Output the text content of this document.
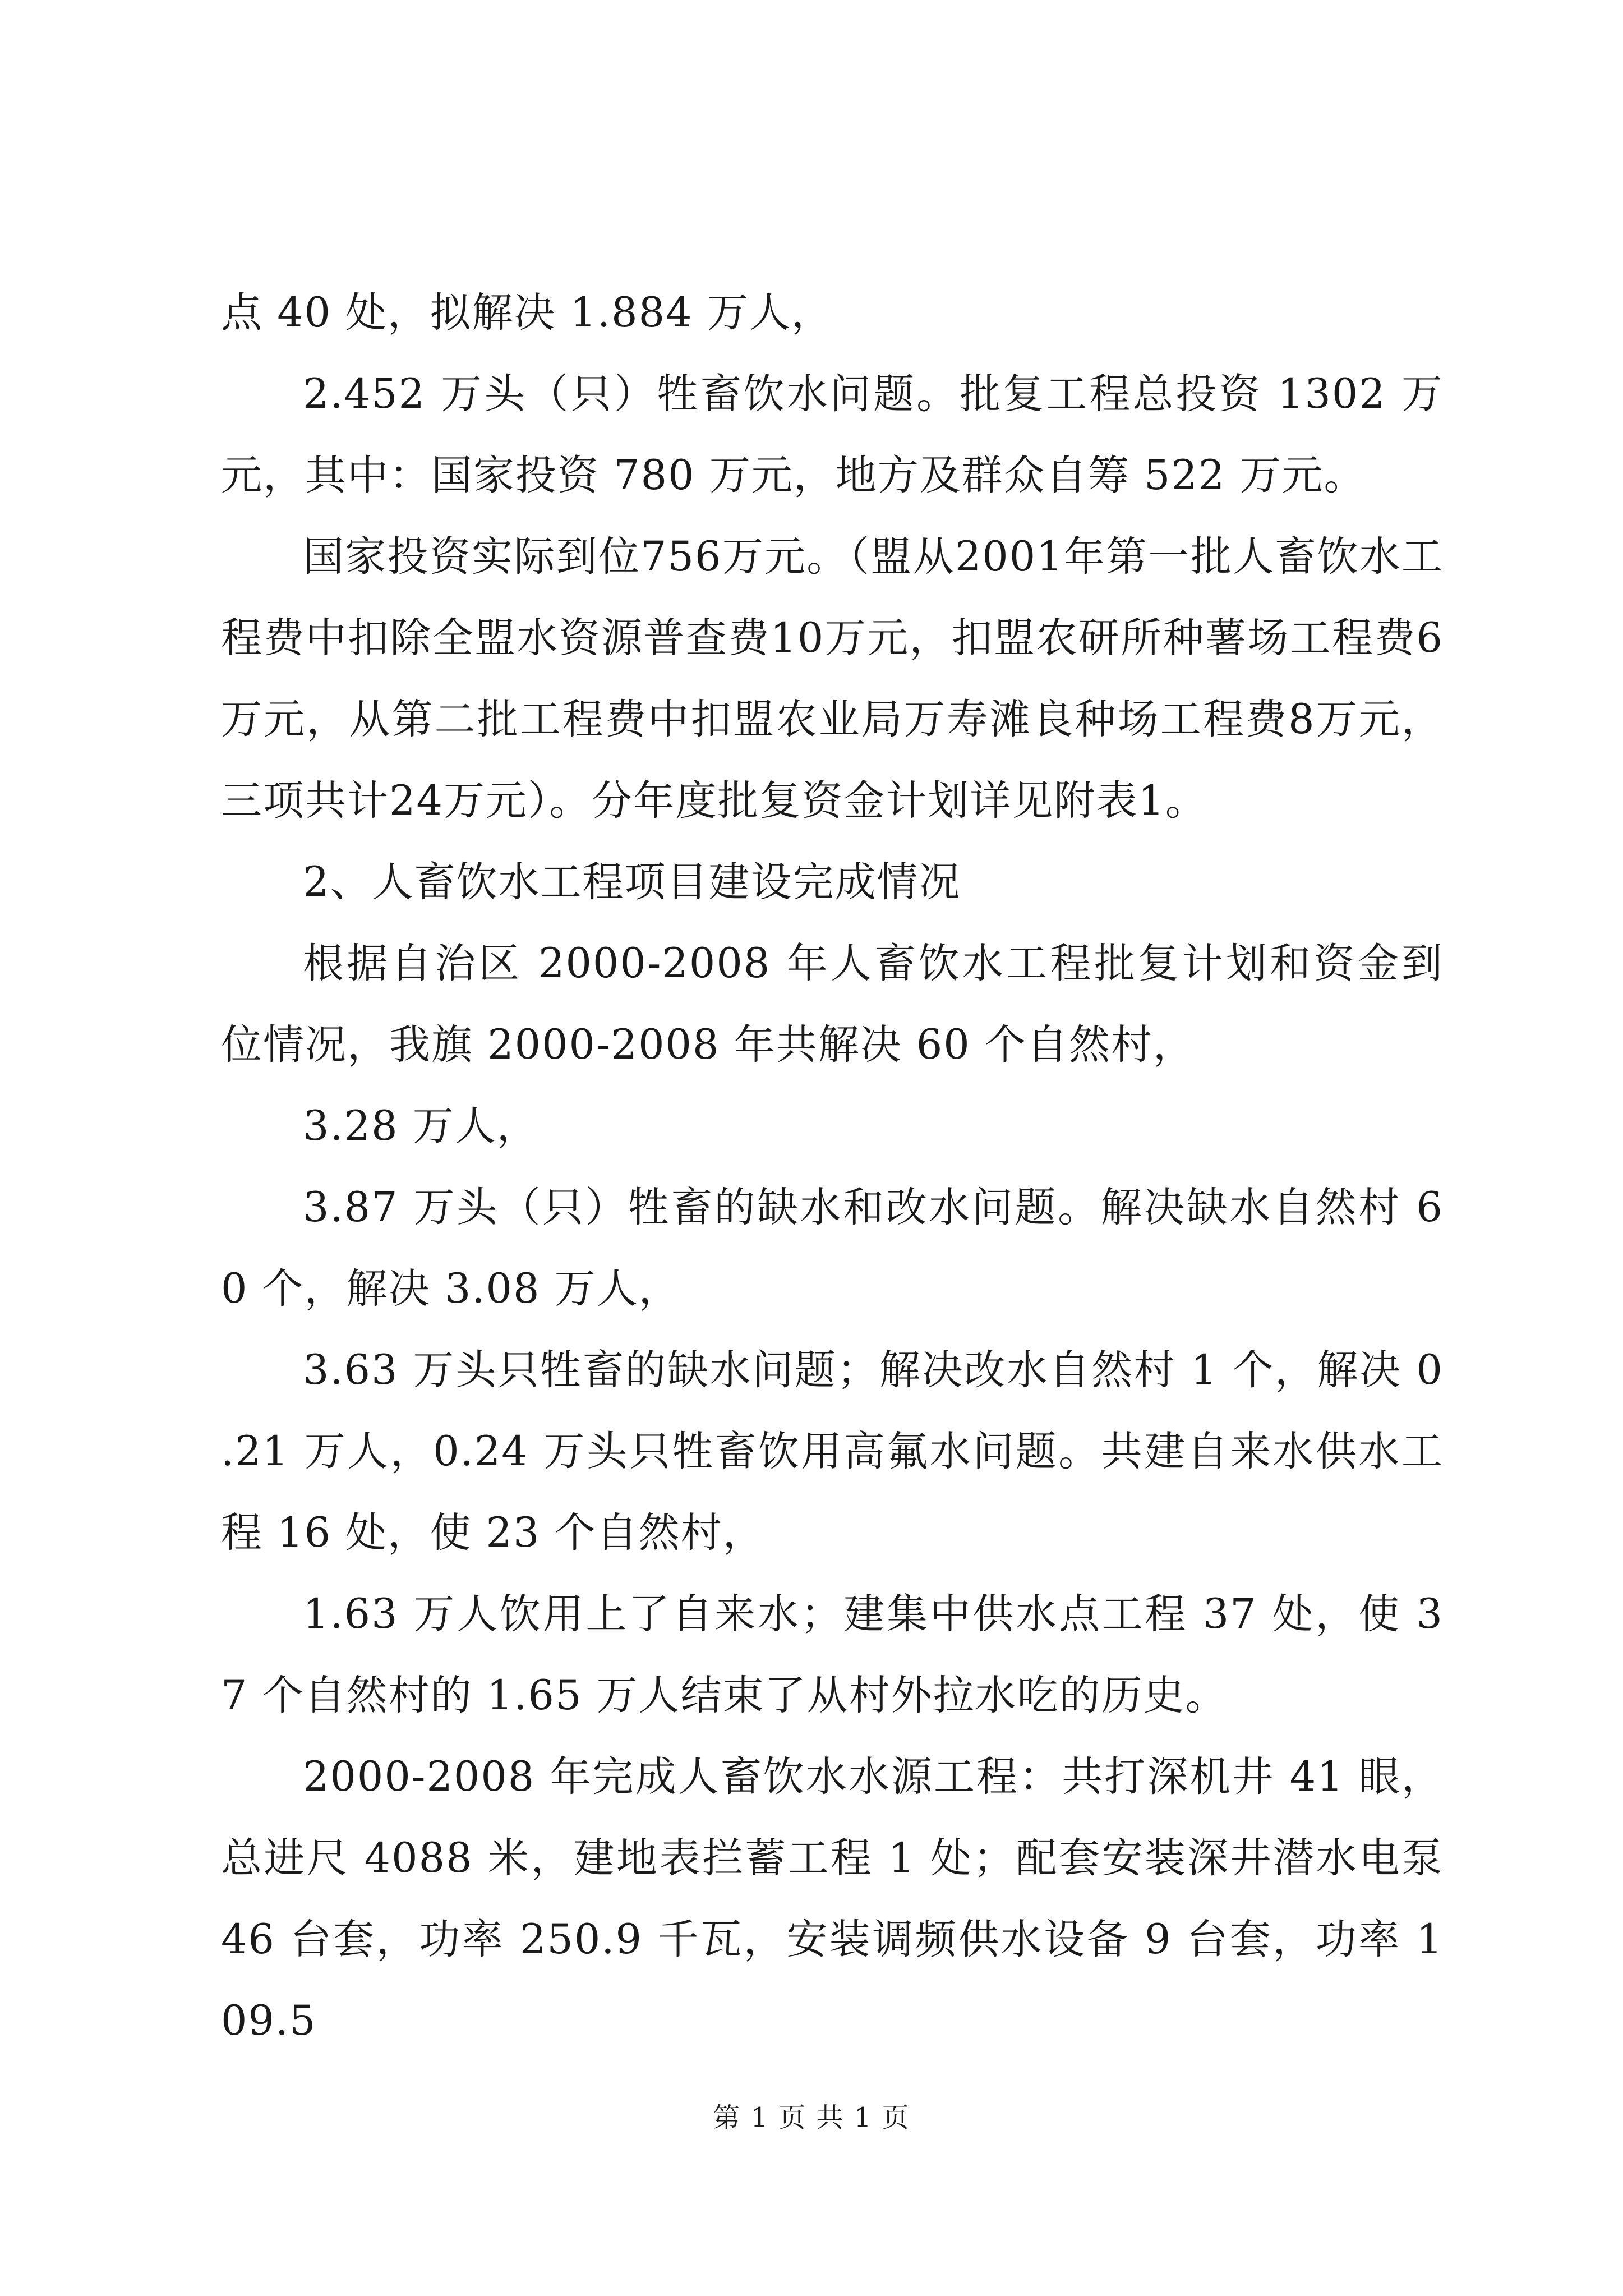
点 40 处，拟解决 1.884 万人，

2.452 万头（只）牲畜饮水问题。批复工程总投资 1302 万元，其中：国家投资 780 万元，地方及群众自筹 522 万元。

国家投资实际到位756万元。（盟从2001年第一批人畜饮水工程费中扣除全盟水资源普查费10万元，扣盟农研所种薯场工程费6万元，从第二批工程费中扣盟农业局万寿滩良种场工程费8万元，三项共计24万元）。分年度批复资金计划详见附表1。

2、人畜饮水工程项目建设完成情况

根据自治区 2000-2008 年人畜饮水工程批复计划和资金到位情况，我旗 2000-2008 年共解决 60 个自然村，

3.28 万人，

3.87 万头（只）牲畜的缺水和改水问题。解决缺水自然村 60 个，解决 3.08 万人，

3.63 万头只牲畜的缺水问题；解决改水自然村 1 个，解决 0.21 万人，0.24 万头只牲畜饮用高氟水问题。共建自来水供水工程 16 处，使 23 个自然村，

1.63 万人饮用上了自来水；建集中供水点工程 37 处，使 37 个自然村的 1.65 万人结束了从村外拉水吃的历史。

2000-2008 年完成人畜饮水水源工程：共打深机井 41 眼，总进尺 4088 米，建地表拦蓄工程 1 处；配套安装深井潜水电泵 46 台套，功率 250.9 千瓦，安装调频供水设备 9 台套，功率 109.5

第 1 页 共 1 页
